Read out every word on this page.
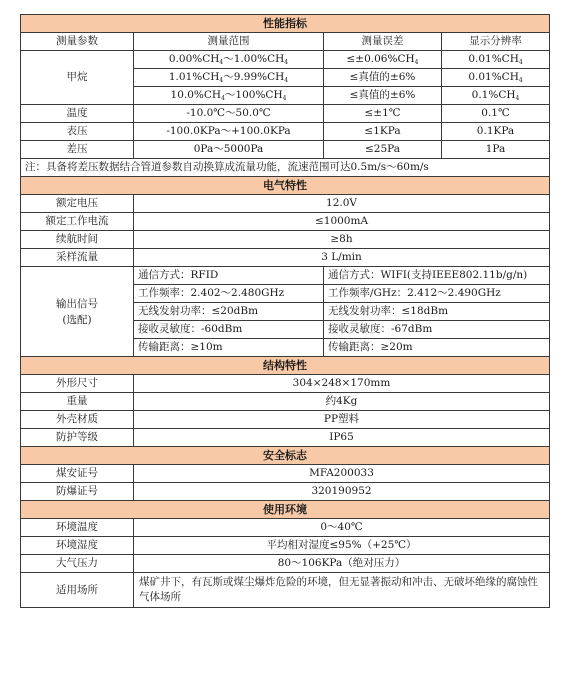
性能指标			
测量参数	测量范围	测量误差	显示分辨率
甲烷	0.00%CH4～1.00%CH4	≤±0.06%CH4	0.01%CH4
	1.01%CH4～9.99%CH4	≤真值的±6%	0.01%CH4
	10.0%CH4～100%CH4	≤真值的±6%	0.1%CH4
温度	-10.0℃～50.0℃	≤±1℃	0.1℃
表压	-100.0KPa～+100.0KPa	≤1KPa	0.1KPa
差压	0Pa～5000Pa	≤25Pa	1Pa
注：具备将差压数据结合管道参数自动换算成流量功能，流速范围可达0.5m/s～60m/s			
电气特性			
额定电压	12.0V		
额定工作电流	≤1000mA		
续航时间	≥8h		
采样流量	3 L/min		

输出信号
(选配)	通信方式：RFID	通信方式：WIFI(支持IEEE802.11b/g/n)	
	工作频率：2.402～2.480GHz	工作频率/GHz：2.412～2.490GHz	
	无线发射功率：≤20dBm	无线发射功率：≤18dBm	
	接收灵敏度：-60dBm	接收灵敏度：-67dBm	
	传输距离：≥10m	传输距离：≥20m	
结构特性			
外形尺寸	304×248×170mm		
重量	约4Kg		
外壳材质	PP塑料		
防护等级	IP65		
安全标志			
煤安证号	MFA200033		
防爆证号	320190952		
使用环境			
环境温度	0～40℃		
环境湿度	平均相对湿度≤95%（+25℃）		
大气压力	80～106KPa（绝对压力）		
适用场所	煤矿井下，有瓦斯或煤尘爆炸危险的环境，但无显著振动和冲击、无破坏绝缘的腐蚀性气体场所		
